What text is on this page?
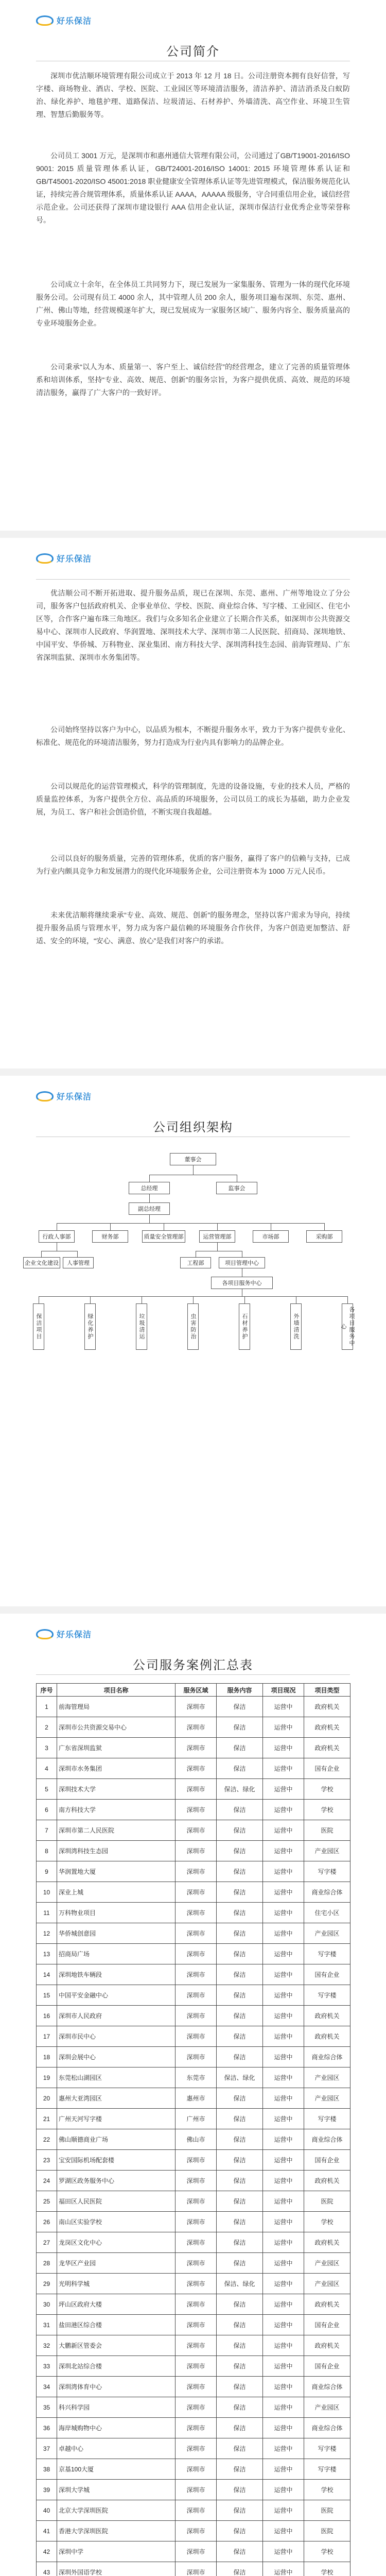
好乐保洁
公司简介

深圳市优洁顺环境管理有限公司成立于 2013 年 12 月 18 日。公司注册资本拥有良好信誉，写字楼、商场物业、酒店、学校、医院、工业园区等环境清洁服务，清洁养护、清洁消杀及白蚁防治、绿化养护、地毯护理、道路保洁、垃圾清运、石材养护、外墙清洗、高空作业、环境卫生管理、智慧后勤服务等。

公司员工 3001 万元，是深圳市和惠州通信大管理有限公司，公司通过了GB/T19001-2016/ISO 9001: 2015 质量管理体系认证，GB/T24001-2016/ISO 14001: 2015 环境管理体系认证和 GB/T45001-2020/ISO 45001:2018 职业健康安全管理体系认证等先进管理模式，保洁服务规范化认证，持续完善合规管理体系，质量体系认证 AAAA，AAAAA 级服务，守合同重信用企业，诚信经营示范企业。公司还获得了深圳市建设银行 AAA 信用企业认证，深圳市保洁行业优秀企业等荣誉称号。

公司成立十余年，在全体员工共同努力下，现已发展为一家集服务、管理为一体的现代化环境服务公司。公司现有员工 4000 余人，其中管理人员 200 余人，服务项目遍布深圳、东莞、惠州、广州、佛山等地，经营规模逐年扩大，现已发展成为一家服务区域广、服务内容全、服务质量高的专业环境服务企业。

公司秉承“以人为本、质量第一、客户至上、诚信经营”的经营理念，建立了完善的质量管理体系和培训体系，坚持“专业、高效、规范、创新”的服务宗旨，为客户提供优质、高效、规范的环境清洁服务，赢得了广大客户的一致好评。

好乐保洁

优洁顺公司不断开拓进取、提升服务品质，现已在深圳、东莞、惠州、广州等地设立了分公司，服务客户包括政府机关、企事业单位、学校、医院、商业综合体、写字楼、工业园区、住宅小区等，合作客户遍布珠三角地区。我们与众多知名企业建立了长期合作关系，如深圳市公共资源交易中心、深圳市人民政府、华润置地、深圳技术大学、深圳市第二人民医院、招商局、深圳地铁、中国平安、华侨城、万科物业、深业集团、南方科技大学、深圳湾科技生态园、前海管理局、广东省深圳监狱、深圳市水务集团等。

公司始终坚持以客户为中心，以品质为根本，不断提升服务水平，致力于为客户提供专业化、标准化、规范化的环境清洁服务，努力打造成为行业内具有影响力的品牌企业。

公司以规范化的运营管理模式，科学的管理制度，先进的设备设施，专业的技术人员，严格的质量监控体系，为客户提供全方位、高品质的环境服务，公司以员工的成长为基础，助力企业发展，为员工、客户和社会创造价值，不断实现自我超越。

公司以良好的服务质量，完善的管理体系，优质的客户服务，赢得了客户的信赖与支持，已成为行业内颇具竞争力和发展潜力的现代化环境服务企业，公司注册资本为 1000 万元人民币。

未来优洁顺将继续秉承“专业、高效、规范、创新”的服务理念，坚持以客户需求为导向，持续提升服务品质与管理水平，努力成为客户最信赖的环境服务合作伙伴，为客户创造更加整洁、舒适、安全的环境，“安心、满意、放心”是我们对客户的承诺。

好乐保洁
公司组织架构
董事会
总经理	监事会
副总经理
行政人事部	财务部	质量安全管理部	运营管理部	市场部	采购部
企业文化建设	人事管理	工程部	项目管理中心
各项目服务中心
保洁项目	绿化养护	垃圾清运	虫害防治	石材养护	外墙清洗	各项目服务中心
好乐保洁
公司服务案例汇总表
序号	项目名称	服务区域	服务内容	项目现况	项目类型
1	前海管理局	深圳市	保洁	运营中	政府机关
2	深圳市公共资源交易中心	深圳市	保洁	运营中	政府机关
3	广东省深圳监狱	深圳市	保洁	运营中	政府机关
4	深圳市水务集团	深圳市	保洁	运营中	国有企业
5	深圳技术大学	深圳市	保洁、绿化	运营中	学校
6	南方科技大学	深圳市	保洁	运营中	学校
7	深圳市第二人民医院	深圳市	保洁	运营中	医院
8	深圳湾科技生态园	深圳市	保洁	运营中	产业园区
9	华润置地大厦	深圳市	保洁	运营中	写字楼
10	深业上城	深圳市	保洁	运营中	商业综合体
11	万科物业项目	深圳市	保洁	运营中	住宅小区
12	华侨城创意园	深圳市	保洁	运营中	产业园区
13	招商局广场	深圳市	保洁	运营中	写字楼
14	深圳地铁车辆段	深圳市	保洁	运营中	国有企业
15	中国平安金融中心	深圳市	保洁	运营中	写字楼
16	深圳市人民政府	深圳市	保洁	运营中	政府机关
17	深圳市民中心	深圳市	保洁	运营中	政府机关
18	深圳会展中心	深圳市	保洁	运营中	商业综合体
19	东莞松山湖园区	东莞市	保洁、绿化	运营中	产业园区
20	惠州大亚湾园区	惠州市	保洁	运营中	产业园区
21	广州天河写字楼	广州市	保洁	运营中	写字楼
22	佛山顺德商业广场	佛山市	保洁	运营中	商业综合体
23	宝安国际机场配套楼	深圳市	保洁	运营中	国有企业
24	罗湖区政务服务中心	深圳市	保洁	运营中	政府机关
25	福田区人民医院	深圳市	保洁	运营中	医院
26	南山区实验学校	深圳市	保洁	运营中	学校
27	龙岗区文化中心	深圳市	保洁	运营中	政府机关
28	龙华区产业园	深圳市	保洁	运营中	产业园区
29	光明科学城	深圳市	保洁、绿化	运营中	产业园区
30	坪山区政府大楼	深圳市	保洁	运营中	政府机关
31	盐田港区综合楼	深圳市	保洁	运营中	国有企业
32	大鹏新区管委会	深圳市	保洁	运营中	政府机关
33	深圳北站综合楼	深圳市	保洁	运营中	国有企业
34	深圳湾体育中心	深圳市	保洁	运营中	商业综合体
35	科兴科学园	深圳市	保洁	运营中	产业园区
36	海岸城购物中心	深圳市	保洁	运营中	商业综合体
37	卓越中心	深圳市	保洁	运营中	写字楼
38	京基100大厦	深圳市	保洁	运营中	写字楼
39	深圳大学城	深圳市	保洁	运营中	学校
40	北京大学深圳医院	深圳市	保洁	运营中	医院
41	香港大学深圳医院	深圳市	保洁	运营中	医院
42	深圳中学	深圳市	保洁	运营中	学校
43	深圳外国语学校	深圳市	保洁	运营中	学校
